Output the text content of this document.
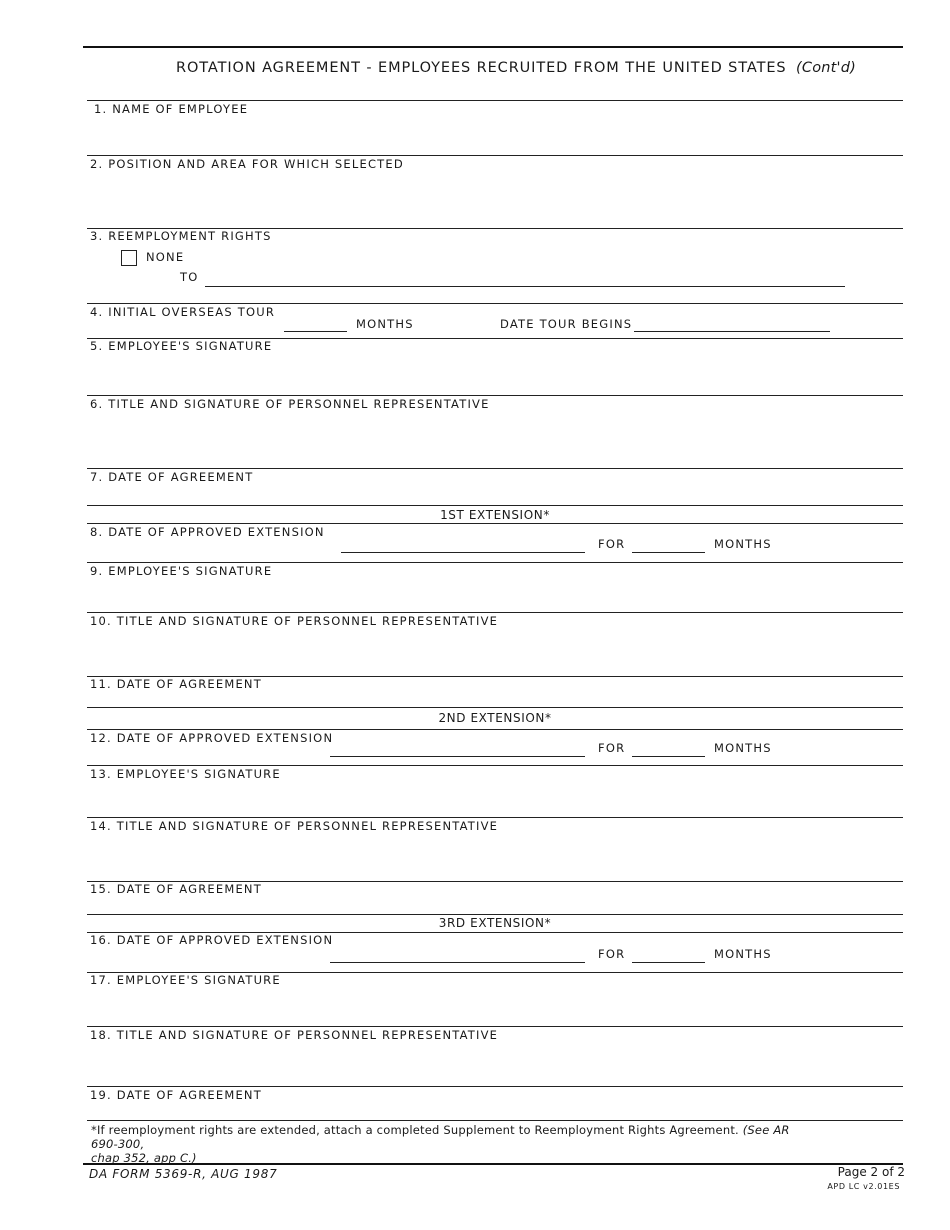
ROTATION AGREEMENT - EMPLOYEES RECRUITED FROM THE UNITED STATES (Cont'd)
1. NAME OF EMPLOYEE
2. POSITION AND AREA FOR WHICH SELECTED
3. REEMPLOYMENT RIGHTS
NONE
TO
4. INITIAL OVERSEAS TOUR
MONTHS	DATE TOUR BEGINS
5. EMPLOYEE'S SIGNATURE
6. TITLE AND SIGNATURE OF PERSONNEL REPRESENTATIVE
7. DATE OF AGREEMENT
1ST EXTENSION*
8. DATE OF APPROVED EXTENSION
FOR	MONTHS
9. EMPLOYEE'S SIGNATURE
10. TITLE AND SIGNATURE OF PERSONNEL REPRESENTATIVE
11. DATE OF AGREEMENT
2ND EXTENSION*
12. DATE OF APPROVED EXTENSION
FOR	MONTHS
13. EMPLOYEE'S SIGNATURE
14. TITLE AND SIGNATURE OF PERSONNEL REPRESENTATIVE
15. DATE OF AGREEMENT
3RD EXTENSION*
16. DATE OF APPROVED EXTENSION
FOR	MONTHS
17. EMPLOYEE'S SIGNATURE
18. TITLE AND SIGNATURE OF PERSONNEL REPRESENTATIVE
19. DATE OF AGREEMENT
*If reemployment rights are extended, attach a completed Supplement to Reemployment Rights Agreement. (See AR 690-300,
chap 352, app C.)
DA FORM 5369-R, AUG 1987	Page 2 of 2
APD LC v2.01ES
